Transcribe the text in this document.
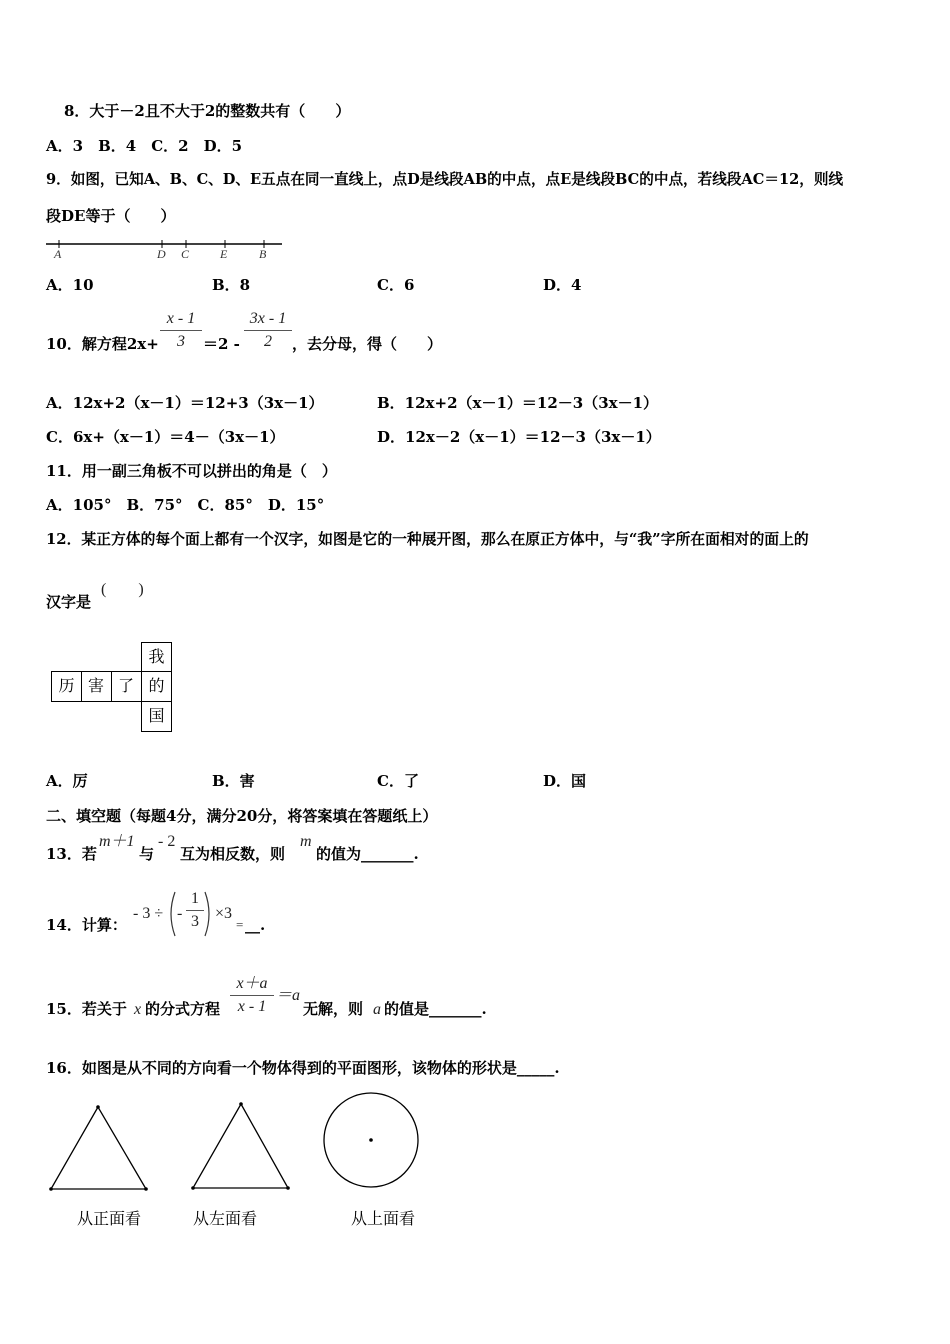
8．大于－2且不大于2的整数共有（　　）
A．3　B．4　C．2　D．5
9．如图，已知A、B、C、D、E五点在同一直线上，点D是线段AB的中点，点E是线段BC的中点，若线段AC＝12，则线
段DE等于（　　）
A	D C	E	B
A．10	B．8	C．6	D．4
10．解方程2x+
x - 1
3	＝2 -
3x - 1
2	，去分母，得（　　）
A．12x+2（x－1）＝12+3（3x－1）	B．12x+2（x－1）＝12－3（3x－1）
C．6x+（x－1）＝4－（3x－1）	D．12x－2（x－1）＝12－3（3x－1）
11．用一副三角板不可以拼出的角是（　）
A．105°　B．75°　C．85°　D．15°
12．某正方体的每个面上都有一个汉字，如图是它的一种展开图，那么在原正方体中，与“我”字所在面相对的面上的
汉字是
(　　)
我
历 害 了 的
国
A．厉	B．害	C．了	D．国
二、填空题（每题4分，满分20分，将答案填在答题纸上）
13．若
m＋1
与
- 2
互为相反数，则
m
的值为_______.
14．计算：
- 3 ÷ -
1
3	×3
= __.
15．若关于 x 的分式方程
x＋a
x - 1
＝a
无解，则 a 的值是_______.
16．如图是从不同的方向看一个物体得到的平面图形，该物体的形状是_____.
从正面看	从左面看	从上面看
